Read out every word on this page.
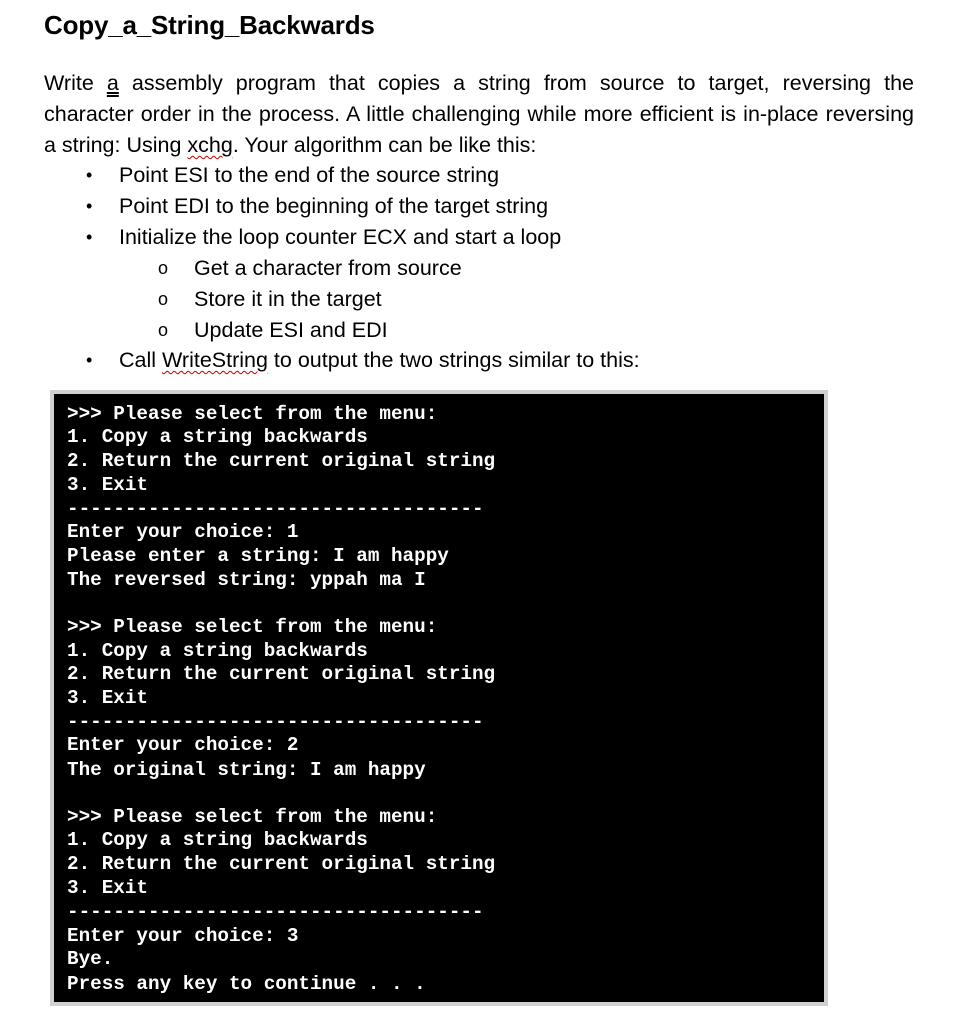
Copy_a_String_Backwards

Write a assembly program that copies a string from source to target, reversing the character order in the process. A little challenging while more efficient is in-place reversing a string: Using xchg. Your algorithm can be like this:

• Point ESI to the end of the source string
• Point EDI to the beginning of the target string
• Initialize the loop counter ECX and start a loop
o Get a character from source
o Store it in the target
o Update ESI and EDI
• Call WriteString to output the two strings similar to this:
>>> Please select from the menu:
1. Copy a string backwards
2. Return the current original string
3. Exit
------------------------------------
Enter your choice: 1
Please enter a string: I am happy
The reversed string: yppah ma I
>>> Please select from the menu:
1. Copy a string backwards
2. Return the current original string
3. Exit
------------------------------------
Enter your choice: 2
The original string: I am happy
>>> Please select from the menu:
1. Copy a string backwards
2. Return the current original string
3. Exit
------------------------------------
Enter your choice: 3
Bye.
Press any key to continue . . .
